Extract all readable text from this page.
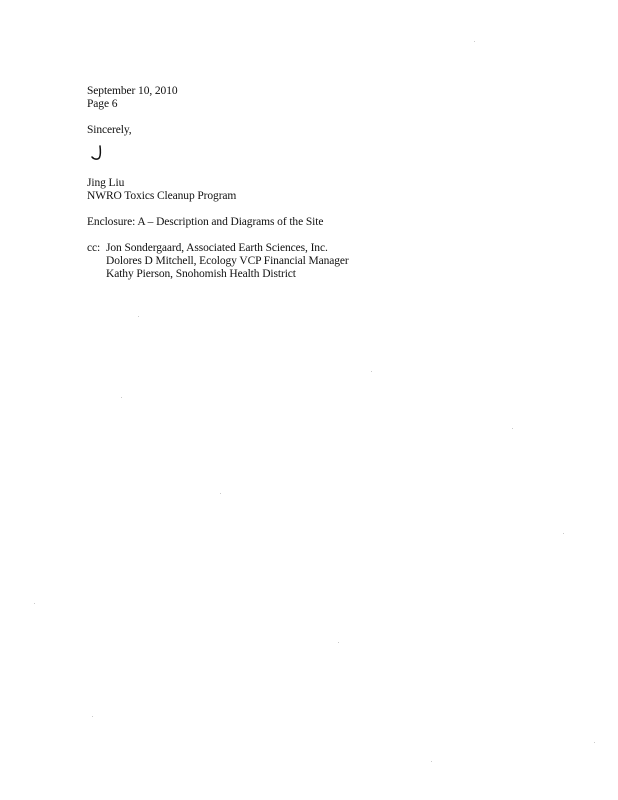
September 10, 2010
Page 6
Sincerely,
Jing Liu
NWRO Toxics Cleanup Program
Enclosure: A – Description and Diagrams of the Site
cc: Jon Sondergaard, Associated Earth Sciences, Inc.
Dolores D Mitchell, Ecology VCP Financial Manager
Kathy Pierson, Snohomish Health District
